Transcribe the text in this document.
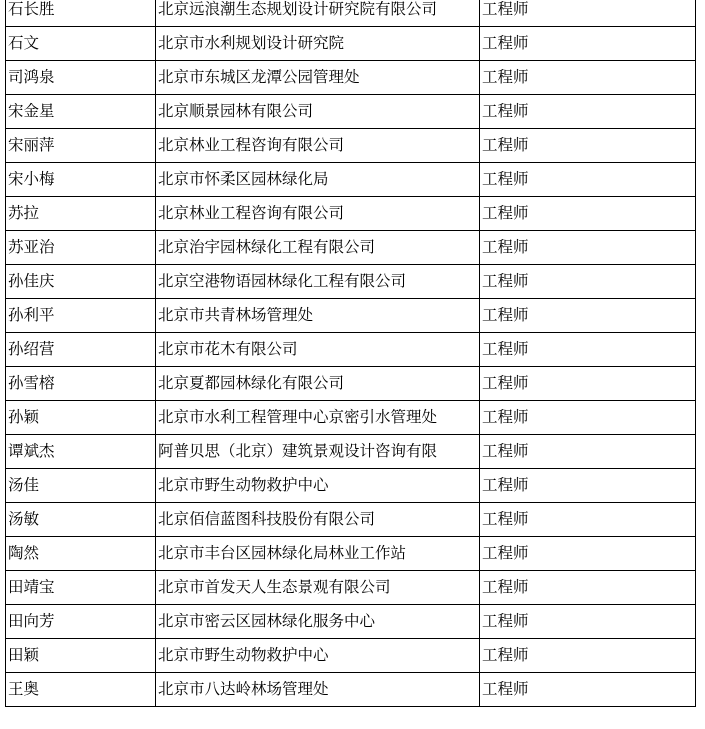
石长胜	北京远浪潮生态规划设计研究院有限公司	工程师
石文	北京市水利规划设计研究院	工程师
司鸿泉	北京市东城区龙潭公园管理处	工程师
宋金星	北京顺景园林有限公司	工程师
宋丽萍	北京林业工程咨询有限公司	工程师
宋小梅	北京市怀柔区园林绿化局	工程师
苏拉	北京林业工程咨询有限公司	工程师
苏亚治	北京治宇园林绿化工程有限公司	工程师
孙佳庆	北京空港物语园林绿化工程有限公司	工程师
孙利平	北京市共青林场管理处	工程师
孙绍营	北京市花木有限公司	工程师
孙雪榕	北京夏都园林绿化有限公司	工程师
孙颖	北京市水利工程管理中心京密引水管理处	工程师
谭斌杰	阿普贝思（北京）建筑景观设计咨询有限	工程师
汤佳	北京市野生动物救护中心	工程师
汤敏	北京佰信蓝图科技股份有限公司	工程师
陶然	北京市丰台区园林绿化局林业工作站	工程师
田靖宝	北京市首发天人生态景观有限公司	工程师
田向芳	北京市密云区园林绿化服务中心	工程师
田颖	北京市野生动物救护中心	工程师
王奥	北京市八达岭林场管理处	工程师
